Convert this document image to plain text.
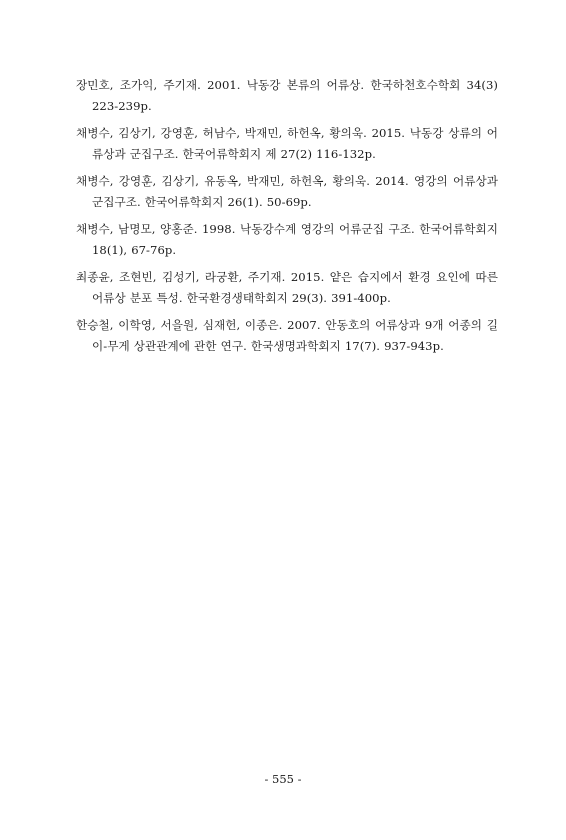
장민호, 조가익, 주기재. 2001. 낙동강 본류의 어류상. 한국하천호수학회 34(3) 223-239p.
채병수, 김상기, 강영훈, 허남수, 박재민, 하헌옥, 황의욱. 2015. 낙동강 상류의 어류상과 군집구조. 한국어류학회지 제 27(2) 116-132p.
채병수, 강영훈, 김상기, 유동옥, 박재민, 하헌옥, 황의욱. 2014. 영강의 어류상과 군집구조. 한국어류학회지 26(1). 50-69p.
채병수, 남명모, 양홍준. 1998. 낙동강수계 영강의 어류군집 구조. 한국어류학회지 18(1), 67-76p.
최종윤, 조현빈, 김성기, 라궁환, 주기재. 2015. 얕은 습지에서 환경 요인에 따른 어류상 분포 특성. 한국환경생태학회지 29(3). 391-400p.
한승철, 이학영, 서을원, 심재헌, 이종은. 2007. 안동호의 어류상과 9개 어종의 길이-무게 상관관계에 관한 연구. 한국생명과학회지 17(7). 937-943p.
- 555 -
